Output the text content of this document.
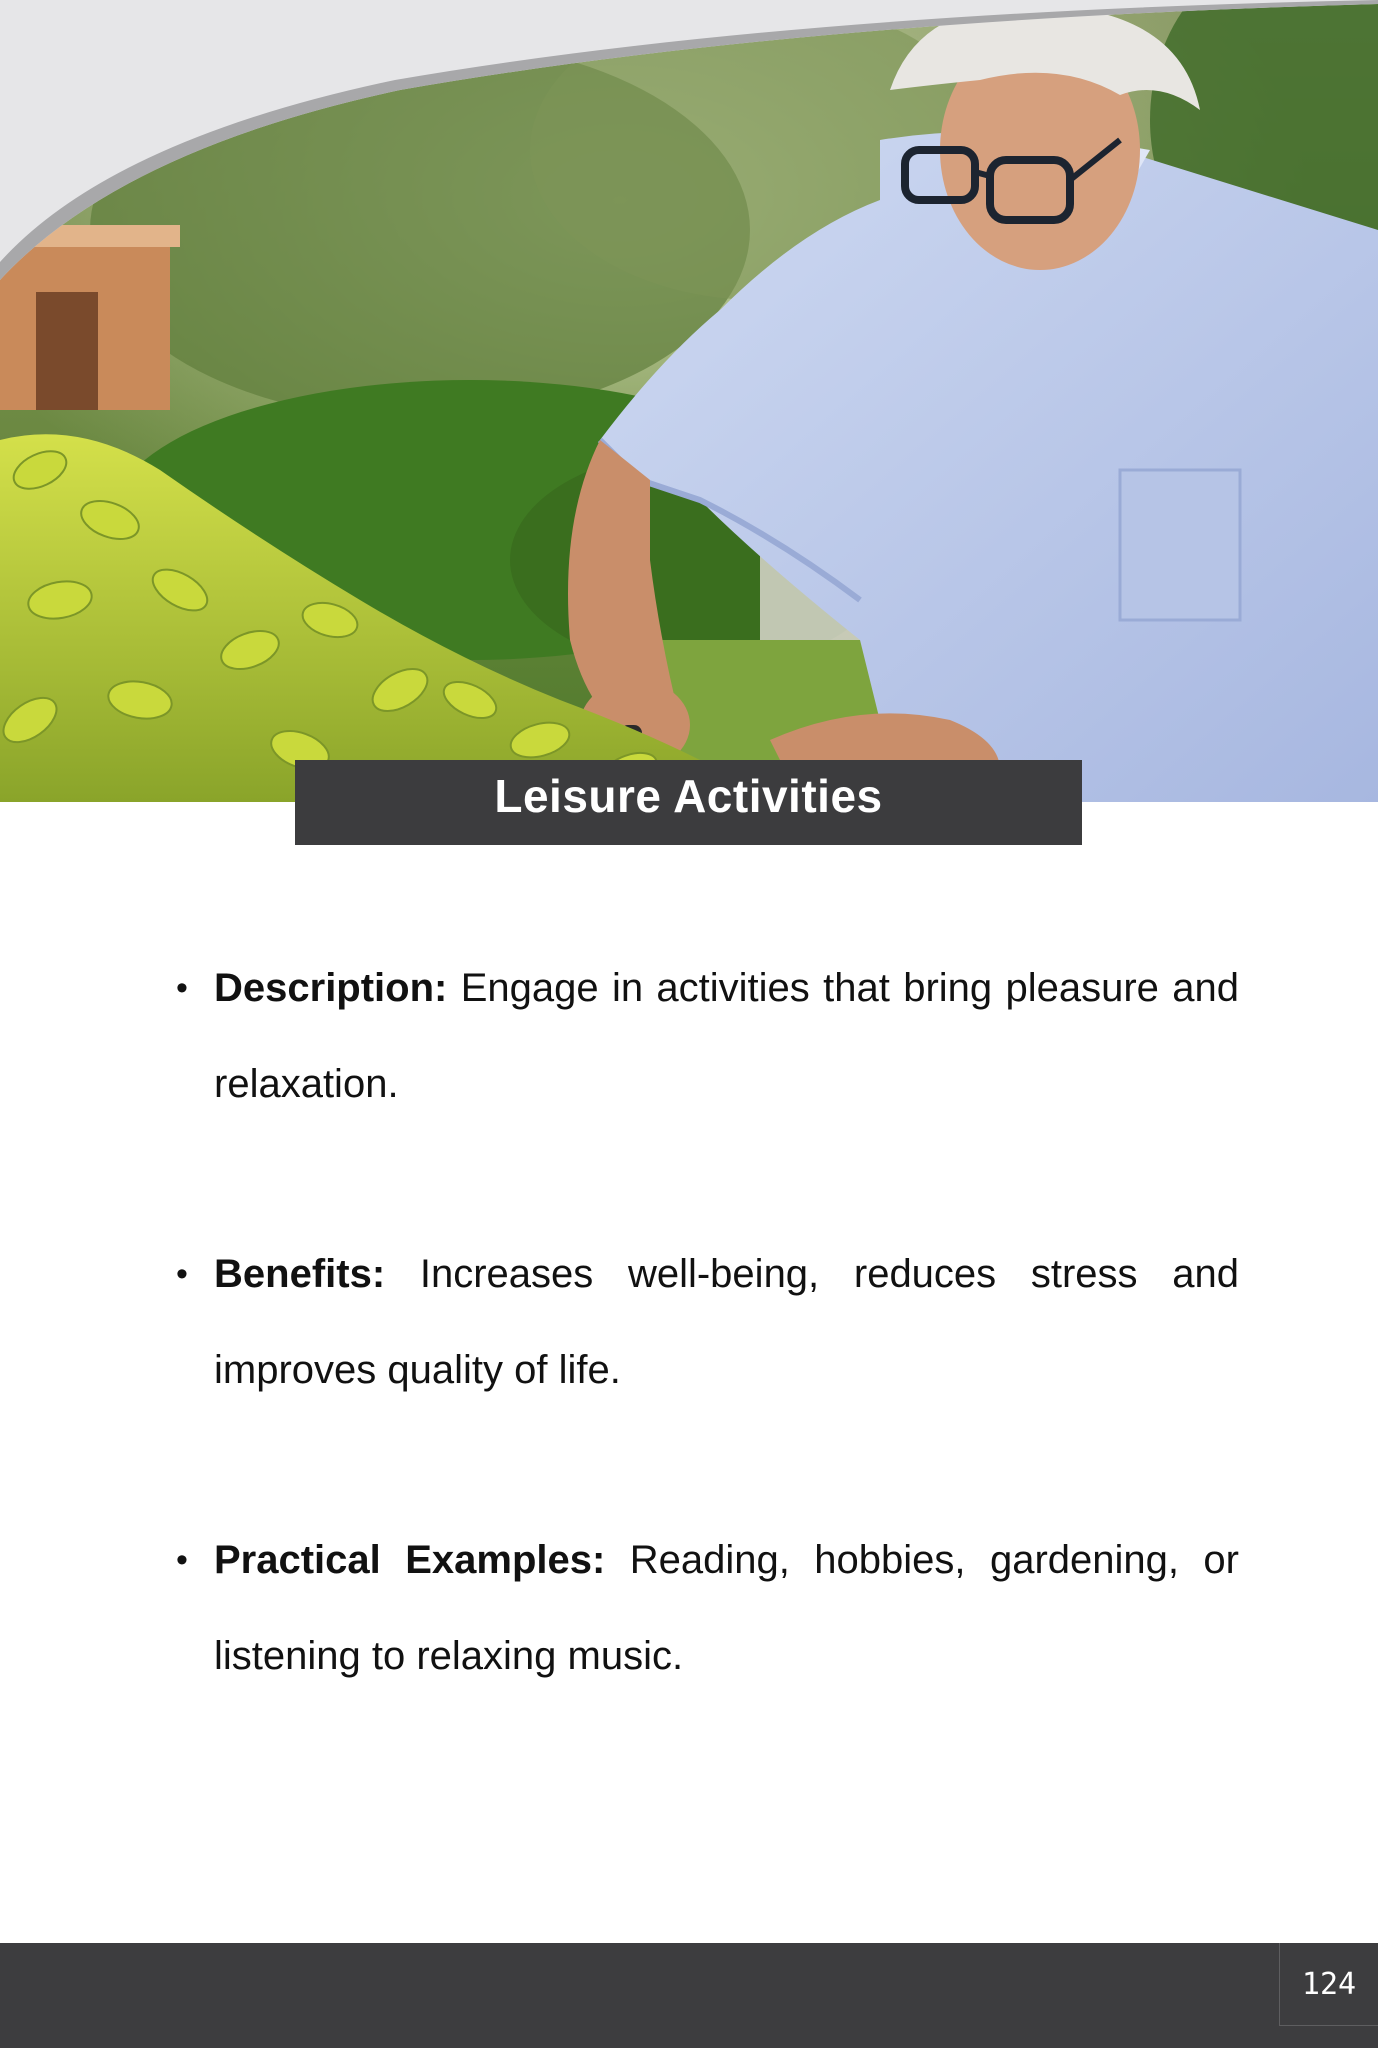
Leisure Activities
• Description: Engage in activities that bring pleasure and relaxation.
• Benefits: Increases well-being, reduces stress and improves quality of life.
• Practical Examples: Reading, hobbies, gardening, or listening to relaxing music.
124
